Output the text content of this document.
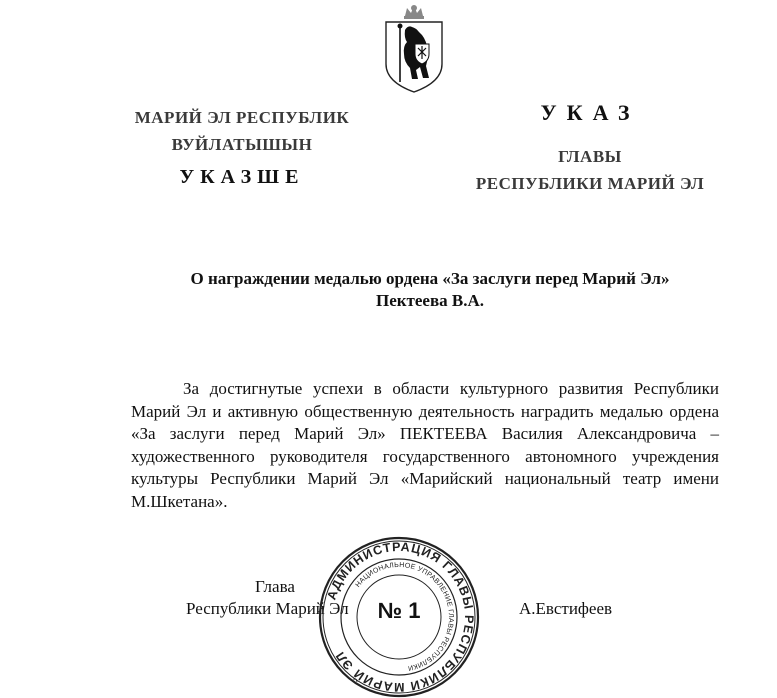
МАРИЙ ЭЛ РЕСПУБЛИК
ВУЙЛАТЫШЫН
УКАЗШЕ
УКАЗ
ГЛАВЫ
РЕСПУБЛИКИ МАРИЙ ЭЛ
О награждении медалью ордена «За заслуги перед Марий Эл»
Пектеева В.А.
За достигнутые успехи в области культурного развития Республики Марий Эл и активную общественную деятельность наградить медалью ордена «За заслуги перед Марий Эл» ПЕКТЕЕВА Василия Александровича – художественного руководителя государственного автономного учреждения культуры Республики Марий Эл «Марийский национальный театр имени М.Шкетана».
Глава
Республики Марий Эл	А.Евстифеев
АДМИНИСТРАЦИЯ ГЛАВЫ РЕСПУБЛИКИ МАРИЙ ЭЛ
НАЦИОНАЛЬНОЕ УПРАВЛЕНИЕ ГЛАВЫ РЕСПУБЛИКИ
№ 1
